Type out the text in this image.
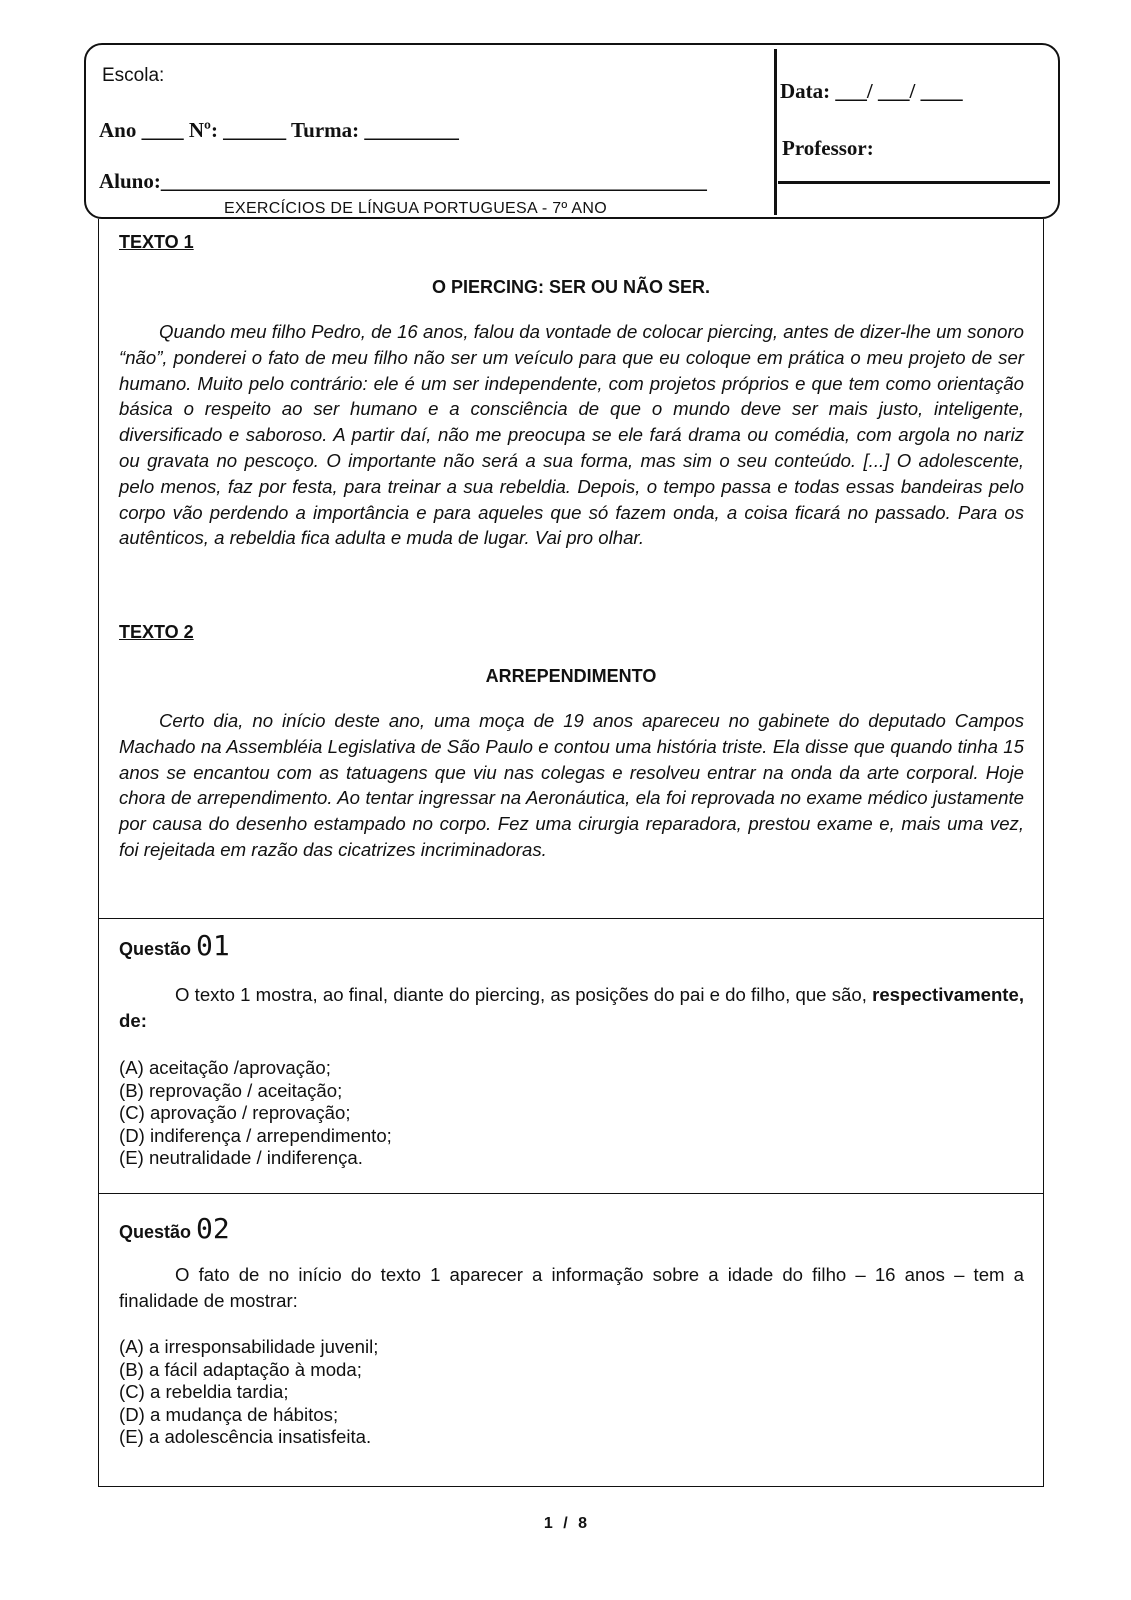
Escola:
Ano ____ Nº: ______ Turma: _________
Aluno:____________________________________________________
EXERCÍCIOS DE LÍNGUA PORTUGUESA - 7º ANO
Data: ___/ ___/ ____
Professor:
TEXTO 1
O PIERCING: SER OU NÃO SER.

Quando meu filho Pedro, de 16 anos, falou da vontade de colocar piercing, antes de dizer-lhe um sonoro “não”, ponderei o fato de meu filho não ser um veículo para que eu coloque em prática o meu projeto de ser humano. Muito pelo contrário: ele é um ser independente, com projetos próprios e que tem como orientação básica o respeito ao ser humano e a consciência de que o mundo deve ser mais justo, inteligente, diversificado e saboroso. A partir daí, não me preocupa se ele fará drama ou comédia, com argola no nariz ou gravata no pescoço. O importante não será a sua forma, mas sim o seu conteúdo. [...] O adolescente, pelo menos, faz por festa, para treinar a sua rebeldia. Depois, o tempo passa e todas essas bandeiras pelo corpo vão perdendo a importância e para aqueles que só fazem onda, a coisa ficará no passado. Para os autênticos, a rebeldia fica adulta e muda de lugar. Vai pro olhar.

TEXTO 2
ARREPENDIMENTO

Certo dia, no início deste ano, uma moça de 19 anos apareceu no gabinete do deputado Campos Machado na Assembléia Legislativa de São Paulo e contou uma história triste. Ela disse que quando tinha 15 anos se encantou com as tatuagens que viu nas colegas e resolveu entrar na onda da arte corporal. Hoje chora de arrependimento. Ao tentar ingressar na Aeronáutica, ela foi reprovada no exame médico justamente por causa do desenho estampado no corpo. Fez uma cirurgia reparadora, prestou exame e, mais uma vez, foi rejeitada em razão das cicatrizes incriminadoras.

Questão 01

O texto 1 mostra, ao final, diante do piercing, as posições do pai e do filho, que são, respectivamente, de:

(A) aceitação /aprovação;
(B) reprovação / aceitação;
(C) aprovação / reprovação;
(D) indiferença / arrependimento;
(E) neutralidade / indiferença.
Questão 02

O fato de no início do texto 1 aparecer a informação sobre a idade do filho – 16 anos – tem a finalidade de mostrar:

(A) a irresponsabilidade juvenil;
(B) a fácil adaptação à moda;
(C) a rebeldia tardia;
(D) a mudança de hábitos;
(E) a adolescência insatisfeita.
1 / 8
